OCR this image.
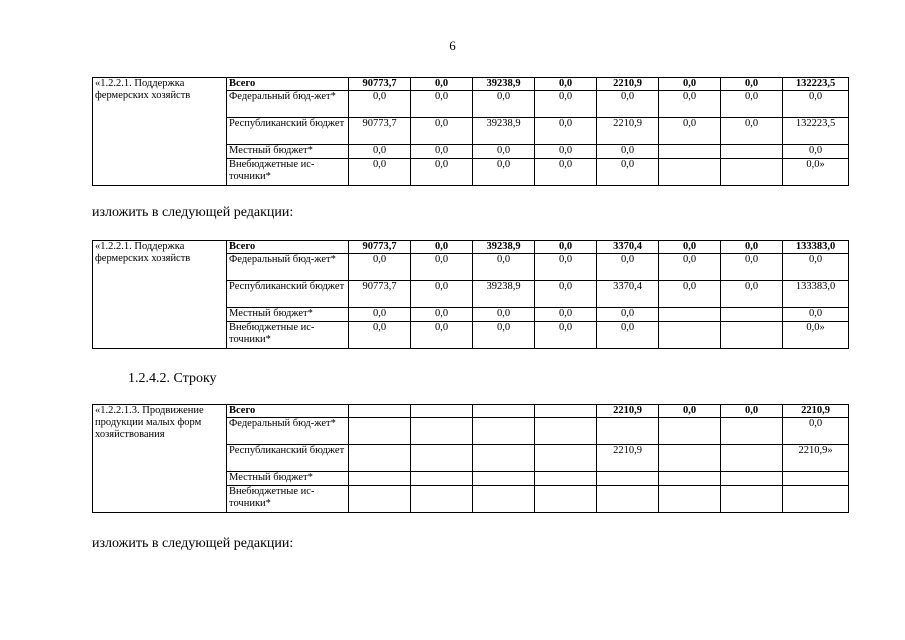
6
«1.2.2.1. Поддержка фермерских хозяйств	Всего	90773,7	0,0	39238,9	0,0	2210,9	0,0	0,0	132223,5
	Федеральный бюд-жет*	0,0	0,0	0,0	0,0	0,0	0,0	0,0	0,0
	Республиканский бюджет	90773,7	0,0	39238,9	0,0	2210,9	0,0	0,0	132223,5
	Местный бюджет*	0,0	0,0	0,0	0,0	0,0			0,0
	Внебюджетные ис-точники*	0,0	0,0	0,0	0,0	0,0			0,0»
изложить в следующей редакции:
«1.2.2.1. Поддержка фермерских хозяйств	Всего	90773,7	0,0	39238,9	0,0	3370,4	0,0	0,0	133383,0
	Федеральный бюд-жет*	0,0	0,0	0,0	0,0	0,0	0,0	0,0	0,0
	Республиканский бюджет	90773,7	0,0	39238,9	0,0	3370,4	0,0	0,0	133383,0
	Местный бюджет*	0,0	0,0	0,0	0,0	0,0			0,0
	Внебюджетные ис-точники*	0,0	0,0	0,0	0,0	0,0			0,0»
1.2.4.2. Строку
«1.2.2.1.3. Продвижение продукции малых форм хозяйствования	Всего					2210,9	0,0	0,0	2210,9
	Федеральный бюд-жет*								0,0
	Республиканский бюджет					2210,9			2210,9»
	Местный бюджет*								
	Внебюджетные ис-точники*								
изложить в следующей редакции:
